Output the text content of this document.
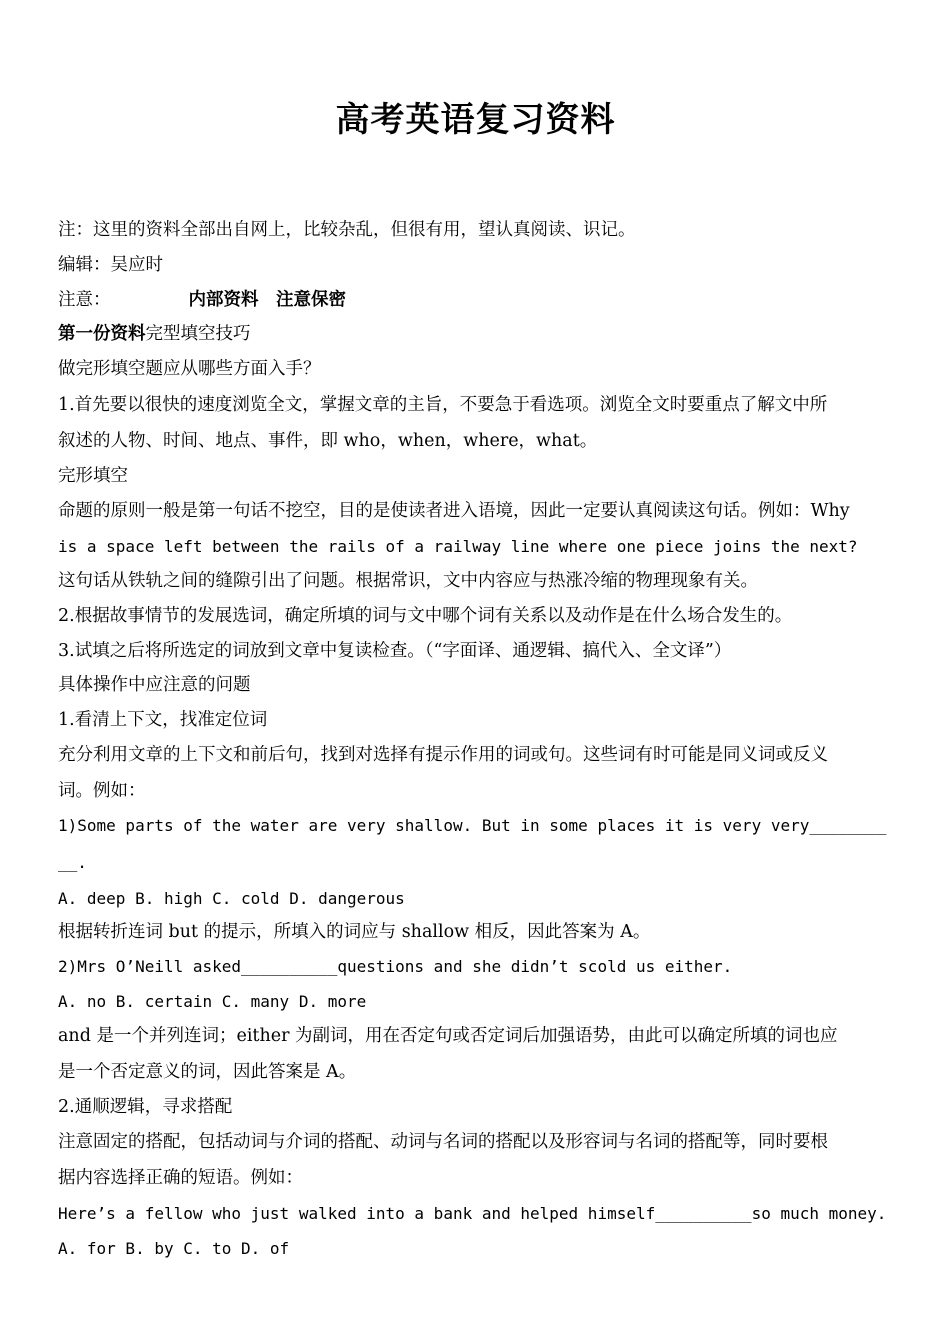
高考英语复习资料
注：这里的资料全部出自网上，比较杂乱，但很有用，望认真阅读、识记。
编辑：吴应时
注意：	内部资料　注意保密
第一份资料完型填空技巧
做完形填空题应从哪些方面入手？
1.首先要以很快的速度浏览全文，掌握文章的主旨，不要急于看选项。浏览全文时要重点了解文中所
叙述的人物、时间、地点、事件，即 who，when，where，what。
完形填空
命题的原则一般是第一句话不挖空，目的是使读者进入语境，因此一定要认真阅读这句话。例如：Why
is a space left between the rails of a railway line where one piece joins the next?
这句话从铁轨之间的缝隙引出了问题。根据常识，文中内容应与热涨冷缩的物理现象有关。
2.根据故事情节的发展选词，确定所填的词与文中哪个词有关系以及动作是在什么场合发生的。
3.试填之后将所选定的词放到文章中复读检查。（“字面译、通逻辑、搞代入、全文译”）
具体操作中应注意的问题
1.看清上下文，找准定位词
充分利用文章的上下文和前后句，找到对选择有提示作用的词或句。这些词有时可能是同义词或反义
词。例如：
1)Some parts of the water are very shallow. But in some places it is very very________
__.
A. deep B. high C. cold D. dangerous
根据转折连词 but 的提示，所填入的词应与 shallow 相反，因此答案为 A。
2)Mrs O’Neill asked__________questions and she didn’t scold us either.
A. no B. certain C. many D. more
and 是一个并列连词；either 为副词，用在否定句或否定词后加强语势，由此可以确定所填的词也应
是一个否定意义的词，因此答案是 A。
2.通顺逻辑，寻求搭配
注意固定的搭配，包括动词与介词的搭配、动词与名词的搭配以及形容词与名词的搭配等，同时要根
据内容选择正确的短语。例如：
Here’s a fellow who just walked into a bank and helped himself__________so much money.
A. for B. by C. to D. of
